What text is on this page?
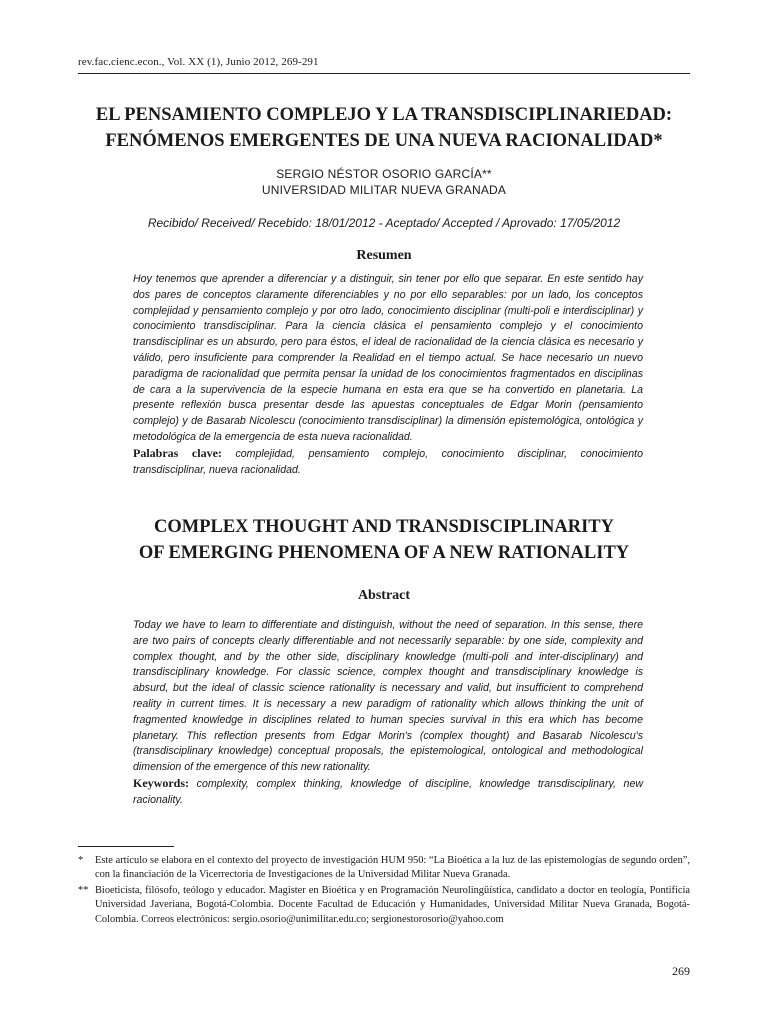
rev.fac.cienc.econ., Vol. XX (1), Junio 2012, 269-291
EL PENSAMIENTO COMPLEJO Y LA TRANSDISCIPLINARIEDAD:
FENÓMENOS EMERGENTES DE UNA NUEVA RACIONALIDAD*
SERGIO NÉSTOR OSORIO GARCÍA**
UNIVERSIDAD MILITAR NUEVA GRANADA
Recibido/ Received/ Recebido: 18/01/2012 - Aceptado/ Accepted / Aprovado: 17/05/2012
Resumen

Hoy tenemos que aprender a diferenciar y a distinguir, sin tener por ello que separar. En este sentido hay dos pares de conceptos claramente diferenciables y no por ello separables: por un lado, los conceptos complejidad y pensamiento complejo y por otro lado, conocimiento disciplinar (multi-poli e interdisciplinar) y conocimiento transdisciplinar. Para la ciencia clásica el pensamiento complejo y el conocimiento transdisciplinar es un absurdo, pero para éstos, el ideal de racionalidad de la ciencia clásica es necesario y válido, pero insuficiente para comprender la Realidad en el tiempo actual. Se hace necesario un nuevo paradigma de racionalidad que permita pensar la unidad de los conocimientos fragmentados en disciplinas de cara a la supervivencia de la especie humana en esta era que se ha convertido en planetaria. La presente reflexión busca presentar desde las apuestas conceptuales de Edgar Morin (pensamiento complejo) y de Basarab Nicolescu (conocimiento transdisciplinar) la dimensión epistemológica, ontológica y metodológica de la emergencia de esta nueva racionalidad.

Palabras clave: complejidad, pensamiento complejo, conocimiento disciplinar, conocimiento transdisciplinar, nueva racionalidad.

COMPLEX THOUGHT AND TRANSDISCIPLINARITY
OF EMERGING PHENOMENA OF A NEW RATIONALITY
Abstract

Today we have to learn to differentiate and distinguish, without the need of separation. In this sense, there are two pairs of concepts clearly differentiable and not necessarily separable: by one side, complexity and complex thought, and by the other side, disciplinary knowledge (multi-poli and inter-disciplinary) and transdisciplinary knowledge. For classic science, complex thought and transdisciplinary knowledge is absurd, but the ideal of classic science rationality is necessary and valid, but insufficient to comprehend reality in current times. It is necessary a new paradigm of rationality which allows thinking the unit of fragmented knowledge in disciplines related to human species survival in this era which has become planetary. This reflection presents from Edgar Morin's (complex thought) and Basarab Nicolescu's (transdisciplinary knowledge) conceptual proposals, the epistemological, ontological and methodological dimension of the emergence of this new rationality.

Keywords: complexity, complex thinking, knowledge of discipline, knowledge transdisciplinary, new racionality.

* Este artículo se elabora en el contexto del proyecto de investigación HUM 950: “La Bioética a la luz de las epistemologías de segundo orden”, con la financiación de la Vicerrectoría de Investigaciones de la Universidad Militar Nueva Granada.
** Bioeticista, filósofo, teólogo y educador. Magister en Bioética y en Programación Neurolingüística, candidato a doctor en teología, Pontificia Universidad Javeriana, Bogotá-Colombia. Docente Facultad de Educación y Humanidades, Universidad Militar Nueva Granada, Bogotá-Colombia. Correos electrónicos: sergio.osorio@unimilitar.edu.co; sergionestorosorio@yahoo.com
269
